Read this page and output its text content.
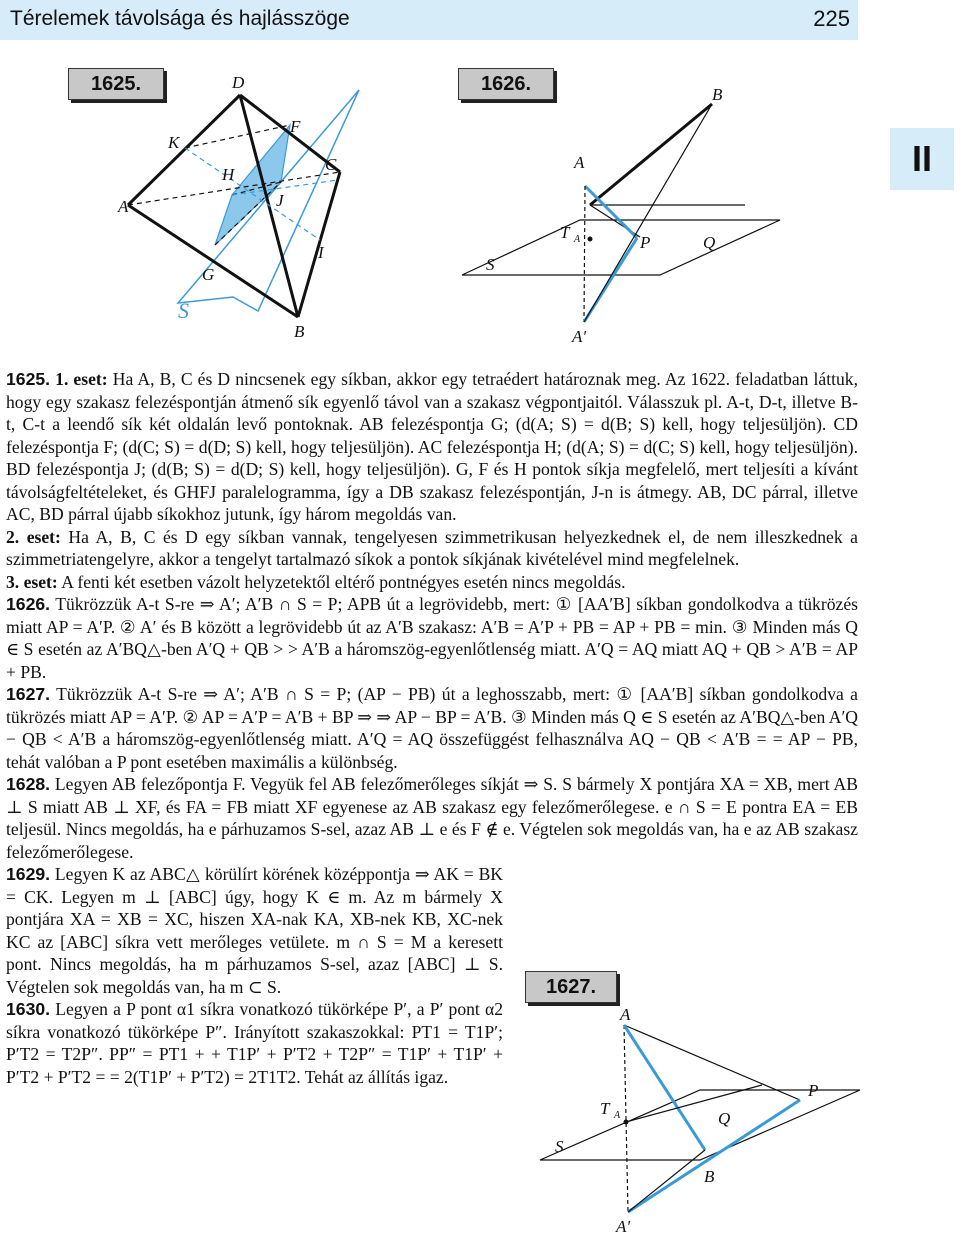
Térelemek távolsága és hajlásszöge	225
II
1625.
A
D
K
F
H
C
J
I
G
S
B
1626.	B
A
T A	P	Q
S
A'
1627.
A
P
T A	Q
S
B
A'

1625. 1. eset: Ha A, B, C és D nincsenek egy síkban, akkor egy tetraédert határoznak meg. Az 1622. feladatban láttuk, hogy egy szakasz felezéspontján átmenő sík egyenlő távol van a szakasz végpontjaitól. Válasszuk pl. A-t, D-t, illetve B-t, C-t a leendő sík két oldalán levő pontoknak. AB felezéspontja G; (d(A; S) = d(B; S) kell, hogy teljesüljön). CD felezéspontja F; (d(C; S) = d(D; S) kell, hogy teljesüljön). AC felezéspontja H; (d(A; S) = d(C; S) kell, hogy teljesüljön). BD felezéspontja J; (d(B; S) = d(D; S) kell, hogy teljesüljön). G, F és H pontok síkja megfelelő, mert teljesíti a kívánt távolságfeltételeket, és GHFJ paralelogramma, így a DB szakasz felezéspontján, J-n is átmegy. AB, DC párral, illetve AC, BD párral újabb síkokhoz jutunk, így három megoldás van.

2. eset: Ha A, B, C és D egy síkban vannak, tengelyesen szimmetrikusan helyezkednek el, de nem illeszkednek a szimmetriatengelyre, akkor a tengelyt tartalmazó síkok a pontok síkjának kivételével mind megfelelnek.

3. eset: A fenti két esetben vázolt helyzetektől eltérő pontnégyes esetén nincs megoldás.

1626. Tükrözzük A-t S-re ⇒ A′; A′B ∩ S = P; APB út a legrövidebb, mert: ① [AA′B] síkban gondolkodva a tükrözés miatt AP = A′P. ② A′ és B között a legrövidebb út az A′B szakasz: A′B = A′P + PB = AP + PB = min. ③ Minden más Q ∈ S esetén az A′BQ△-ben A′Q + QB > > A′B a háromszög-egyenlőtlenség miatt. A′Q = AQ miatt AQ + QB > A′B = AP + PB.

1627. Tükrözzük A-t S-re ⇒ A′; A′B ∩ S = P; (AP − PB) út a leghosszabb, mert: ① [AA′B] síkban gondolkodva a tükrözés miatt AP = A′P. ② AP = A′P = A′B + BP ⇒ ⇒ AP − BP = A′B. ③ Minden más Q ∈ S esetén az A′BQ△-ben A′Q − QB < A′B a háromszög-egyenlőtlenség miatt. A′Q = AQ összefüggést felhasználva AQ − QB < A′B = = AP − PB, tehát valóban a P pont esetében maximális a különbség.

1628. Legyen AB felezőpontja F. Vegyük fel AB felezőmerőleges síkját ⇒ S. S bármely X pontjára XA = XB, mert AB ⊥ S miatt AB ⊥ XF, és FA = FB miatt XF egyenese az AB szakasz egy felezőmerőlegese. e ∩ S = E pontra EA = EB teljesül. Nincs megoldás, ha e párhuzamos S-sel, azaz AB ⊥ e és F ∉ e. Végtelen sok megoldás van, ha e az AB szakasz felezőmerőlegese.

1629. Legyen K az ABC△ körülírt körének középpontja ⇒ AK = BK = CK. Legyen m ⊥ [ABC] úgy, hogy K ∈ m. Az m bármely X pontjára XA = XB = XC, hiszen XA-nak KA, XB-nek KB, XC-nek KC az [ABC] síkra vett merőleges vetülete. m ∩ S = M a keresett pont. Nincs megoldás, ha m párhuzamos S-sel, azaz [ABC] ⊥ S. Végtelen sok megoldás van, ha m ⊂ S.

1630. Legyen a P pont α1 síkra vonatkozó tükörképe P′, a P′ pont α2 síkra vonatkozó tükörképe P″. Irányított szakaszokkal: PT1 = T1P′; P′T2 = T2P″. PP″ = PT1 + + T1P′ + P′T2 + T2P″ = T1P′ + T1P′ + P′T2 + P′T2 = = 2(T1P′ + P′T2) = 2T1T2. Tehát az állítás igaz.
